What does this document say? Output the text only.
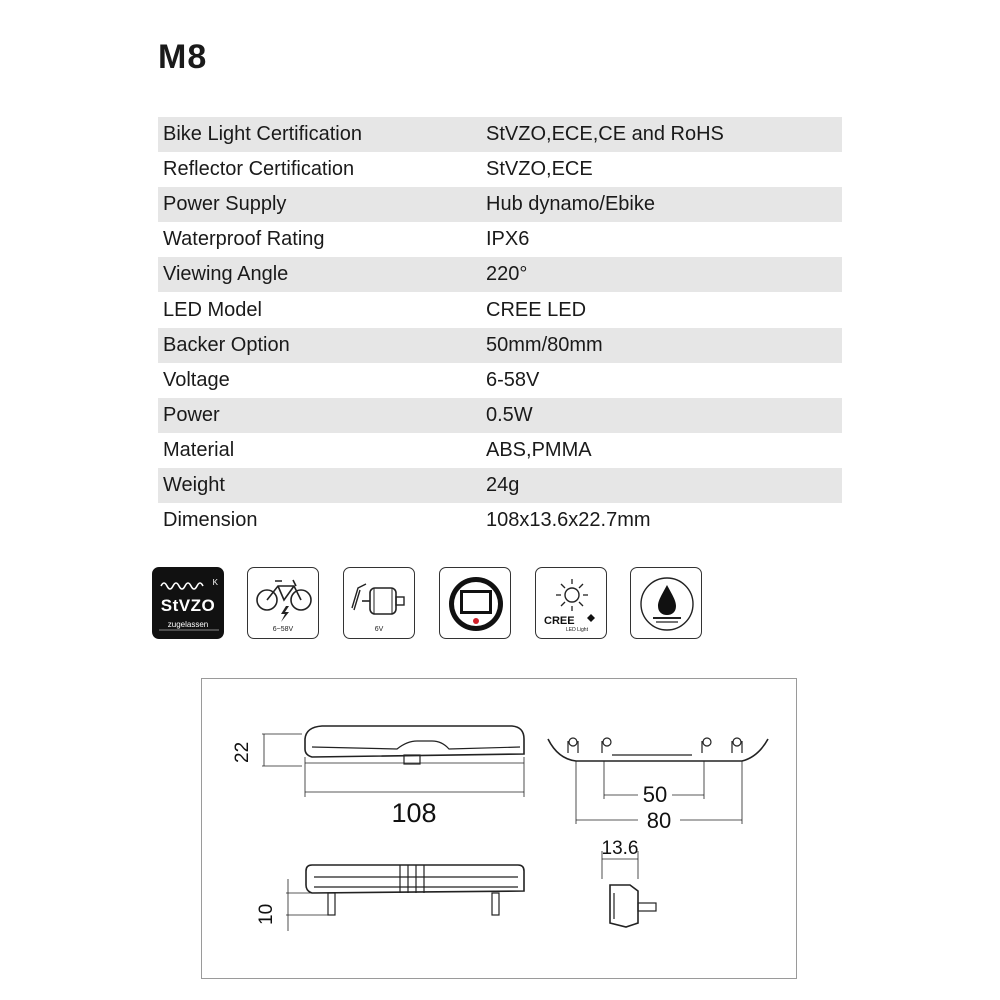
M8
Bike Light Certification	StVZO,ECE,CE and RoHS
Reflector Certification	StVZO,ECE
Power Supply	Hub dynamo/Ebike
Waterproof Rating	IPX6
Viewing Angle	220°
LED Model	CREE LED
Backer Option	50mm/80mm
Voltage	6-58V
Power	0.5W
Material	ABS,PMMA
Weight	24g
Dimension	108x13.6x22.7mm
K
StVZO
zugelassen
6~58V	6V
CREE
LED Light
22
108
50
80
13.6
10
